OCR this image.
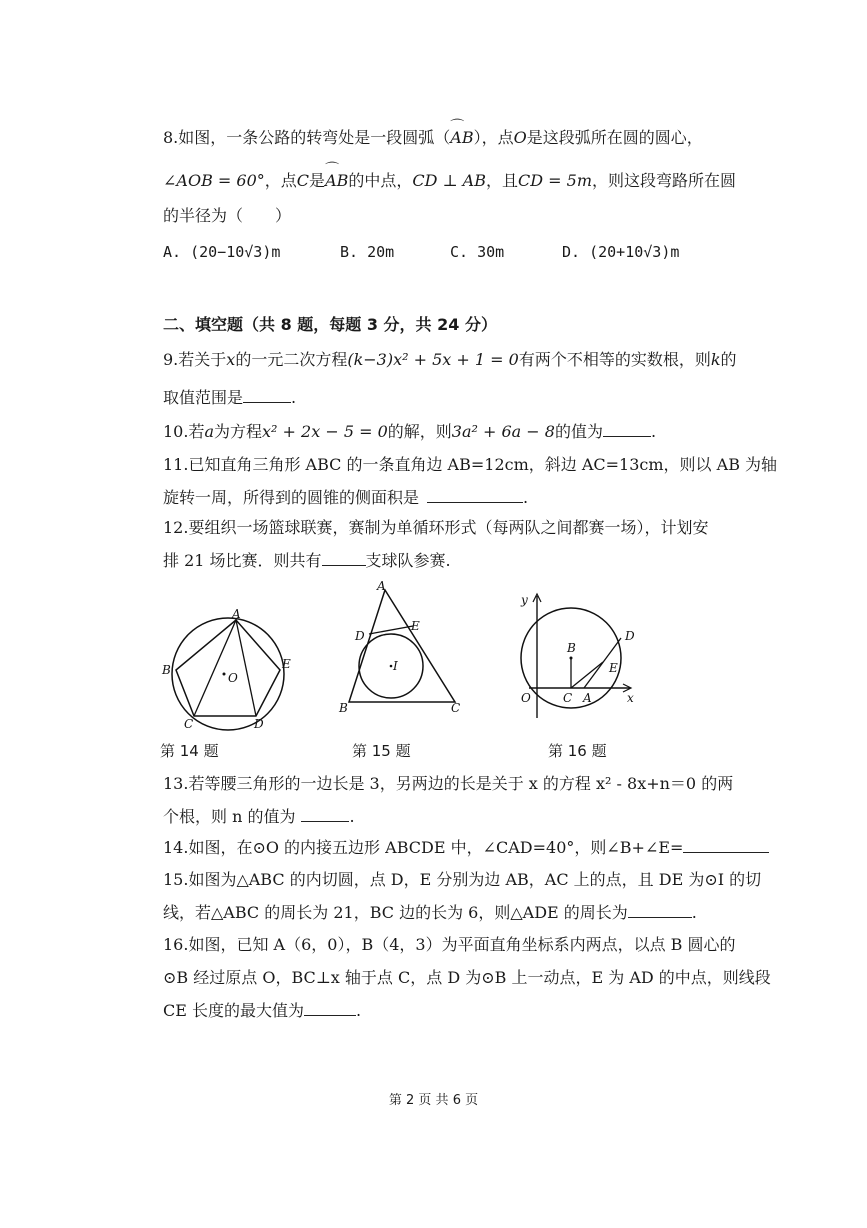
8.如图，一条公路的转弯处是一段圆弧（⌒ AB），点O是这段弧所在圆的圆心，
∠AOB = 60°，点C是⌒ AB的中点，CD ⊥ AB，且CD = 5m，则这段弯路所在圆
的半径为（　　）
A. (20−10√3)m	B. 20m	C. 30m	D. (20+10√3)m
二、填空题（共 8 题，每题 3 分，共 24 分）
9.若关于x的一元二次方程(k−3)x² + 5x + 1 = 0有两个不相等的实数根，则k的
取值范围是	.
10.若a为方程x² + 2x − 5 = 0的解，则3a² + 6a − 8的值为	.
11.已知直角三角形 ABC 的一条直角边 AB=12cm，斜边 AC=13cm，则以 AB 为轴
旋转一周，所得到的圆锥的侧面积是	.
12.要组织一场篮球联赛，赛制为单循环形式（每两队之间都赛一场），计划安
排 21 场比赛．则共有	支球队参赛.
A
B	E
C	D
O
A
D
E
I
B	C
y
B
D
E
O	C A	x
第 14 题	第 15 题	第 16 题
13.若等腰三角形的一边长是 3，另两边的长是关于 x 的方程 x² - 8x+n＝0 的两
个根，则 n 的值为	.
14.如图，在⊙O 的内接五边形 ABCDE 中，∠CAD=40°，则∠B+∠E=
15.如图为△ABC 的内切圆，点 D，E 分别为边 AB，AC 上的点，且 DE 为⊙I 的切
线，若△ABC 的周长为 21，BC 边的长为 6，则△ADE 的周长为	.
16.如图，已知 A（6，0），B（4，3）为平面直角坐标系内两点，以点 B 圆心的
⊙B 经过原点 O，BC⊥x 轴于点 C，点 D 为⊙B 上一动点，E 为 AD 的中点，则线段
CE 长度的最大值为	.
第 2 页 共 6 页
